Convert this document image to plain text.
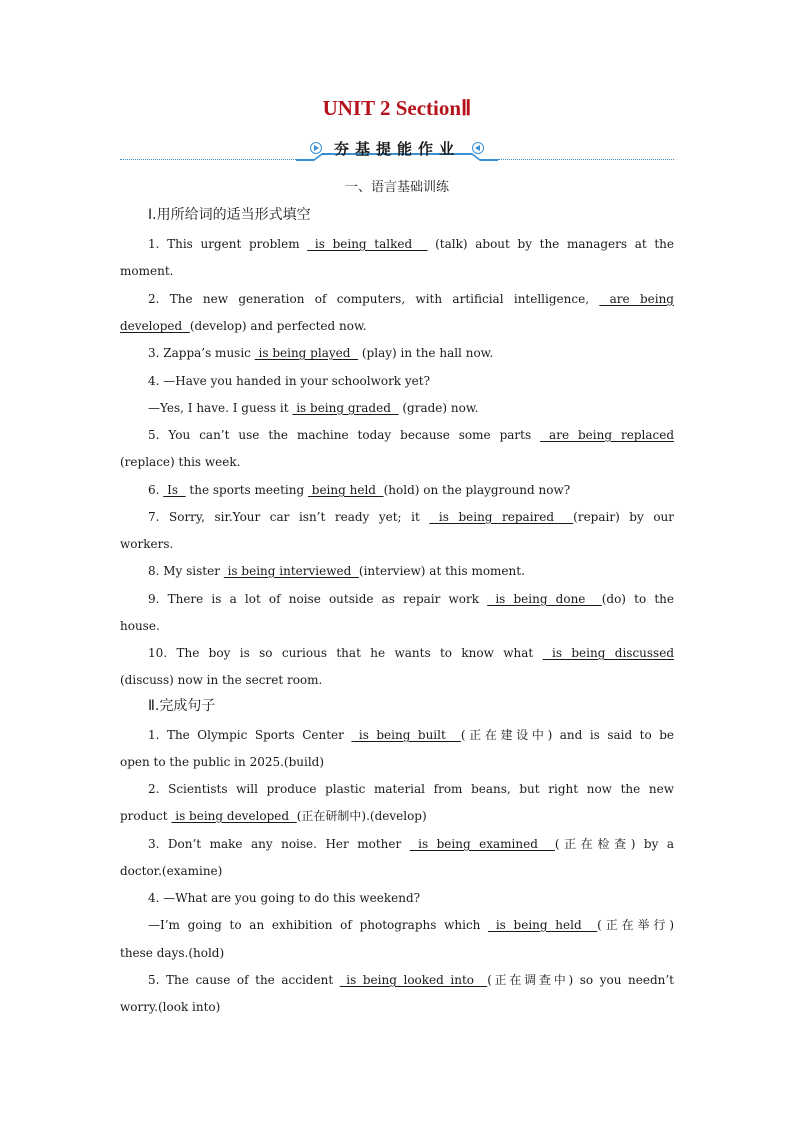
UNIT 2 SectionⅡ
夯基提能作业
一、语言基础训练
Ⅰ.用所给词的适当形式填空
1. This urgent problem  is being talked   (talk) about by the managers at the
moment.
2. The new generation of computers, with artificial intelligence,  are being
developed  (develop) and perfected now.
3. Zappa’s music  is being played   (play) in the hall now.
4. —Have you handed in your schoolwork yet?
—Yes, I have. I guess it  is being graded   (grade) now.
5. You can’t use the machine today because some parts  are being replaced
(replace) this week.
6.  Is   the sports meeting  being held  (hold) on the playground now?
7. Sorry, sir.Your car isn’t ready yet; it  is being repaired  (repair) by our
workers.
8. My sister  is being interviewed  (interview) at this moment.
9. There is a lot of noise outside as repair work  is being done  (do) to the
house.
10. The boy is so curious that he wants to know what  is being discussed
(discuss) now in the secret room.
Ⅱ.完成句子
1. The Olympic Sports Center  is being built  (正在建设中) and is said to be
open to the public in 2025.(build)
2. Scientists will produce plastic material from beans, but right now the new
product  is being developed  (正在研制中).(develop)
3. Don’t make any noise. Her mother  is being examined  (正在检查) by a
doctor.(examine)
4. —What are you going to do this weekend?
—I’m going to an exhibition of photographs which  is being held  (正在举行)
these days.(hold)
5. The cause of the accident  is being looked into  (正在调查中) so you needn’t
worry.(look into)
